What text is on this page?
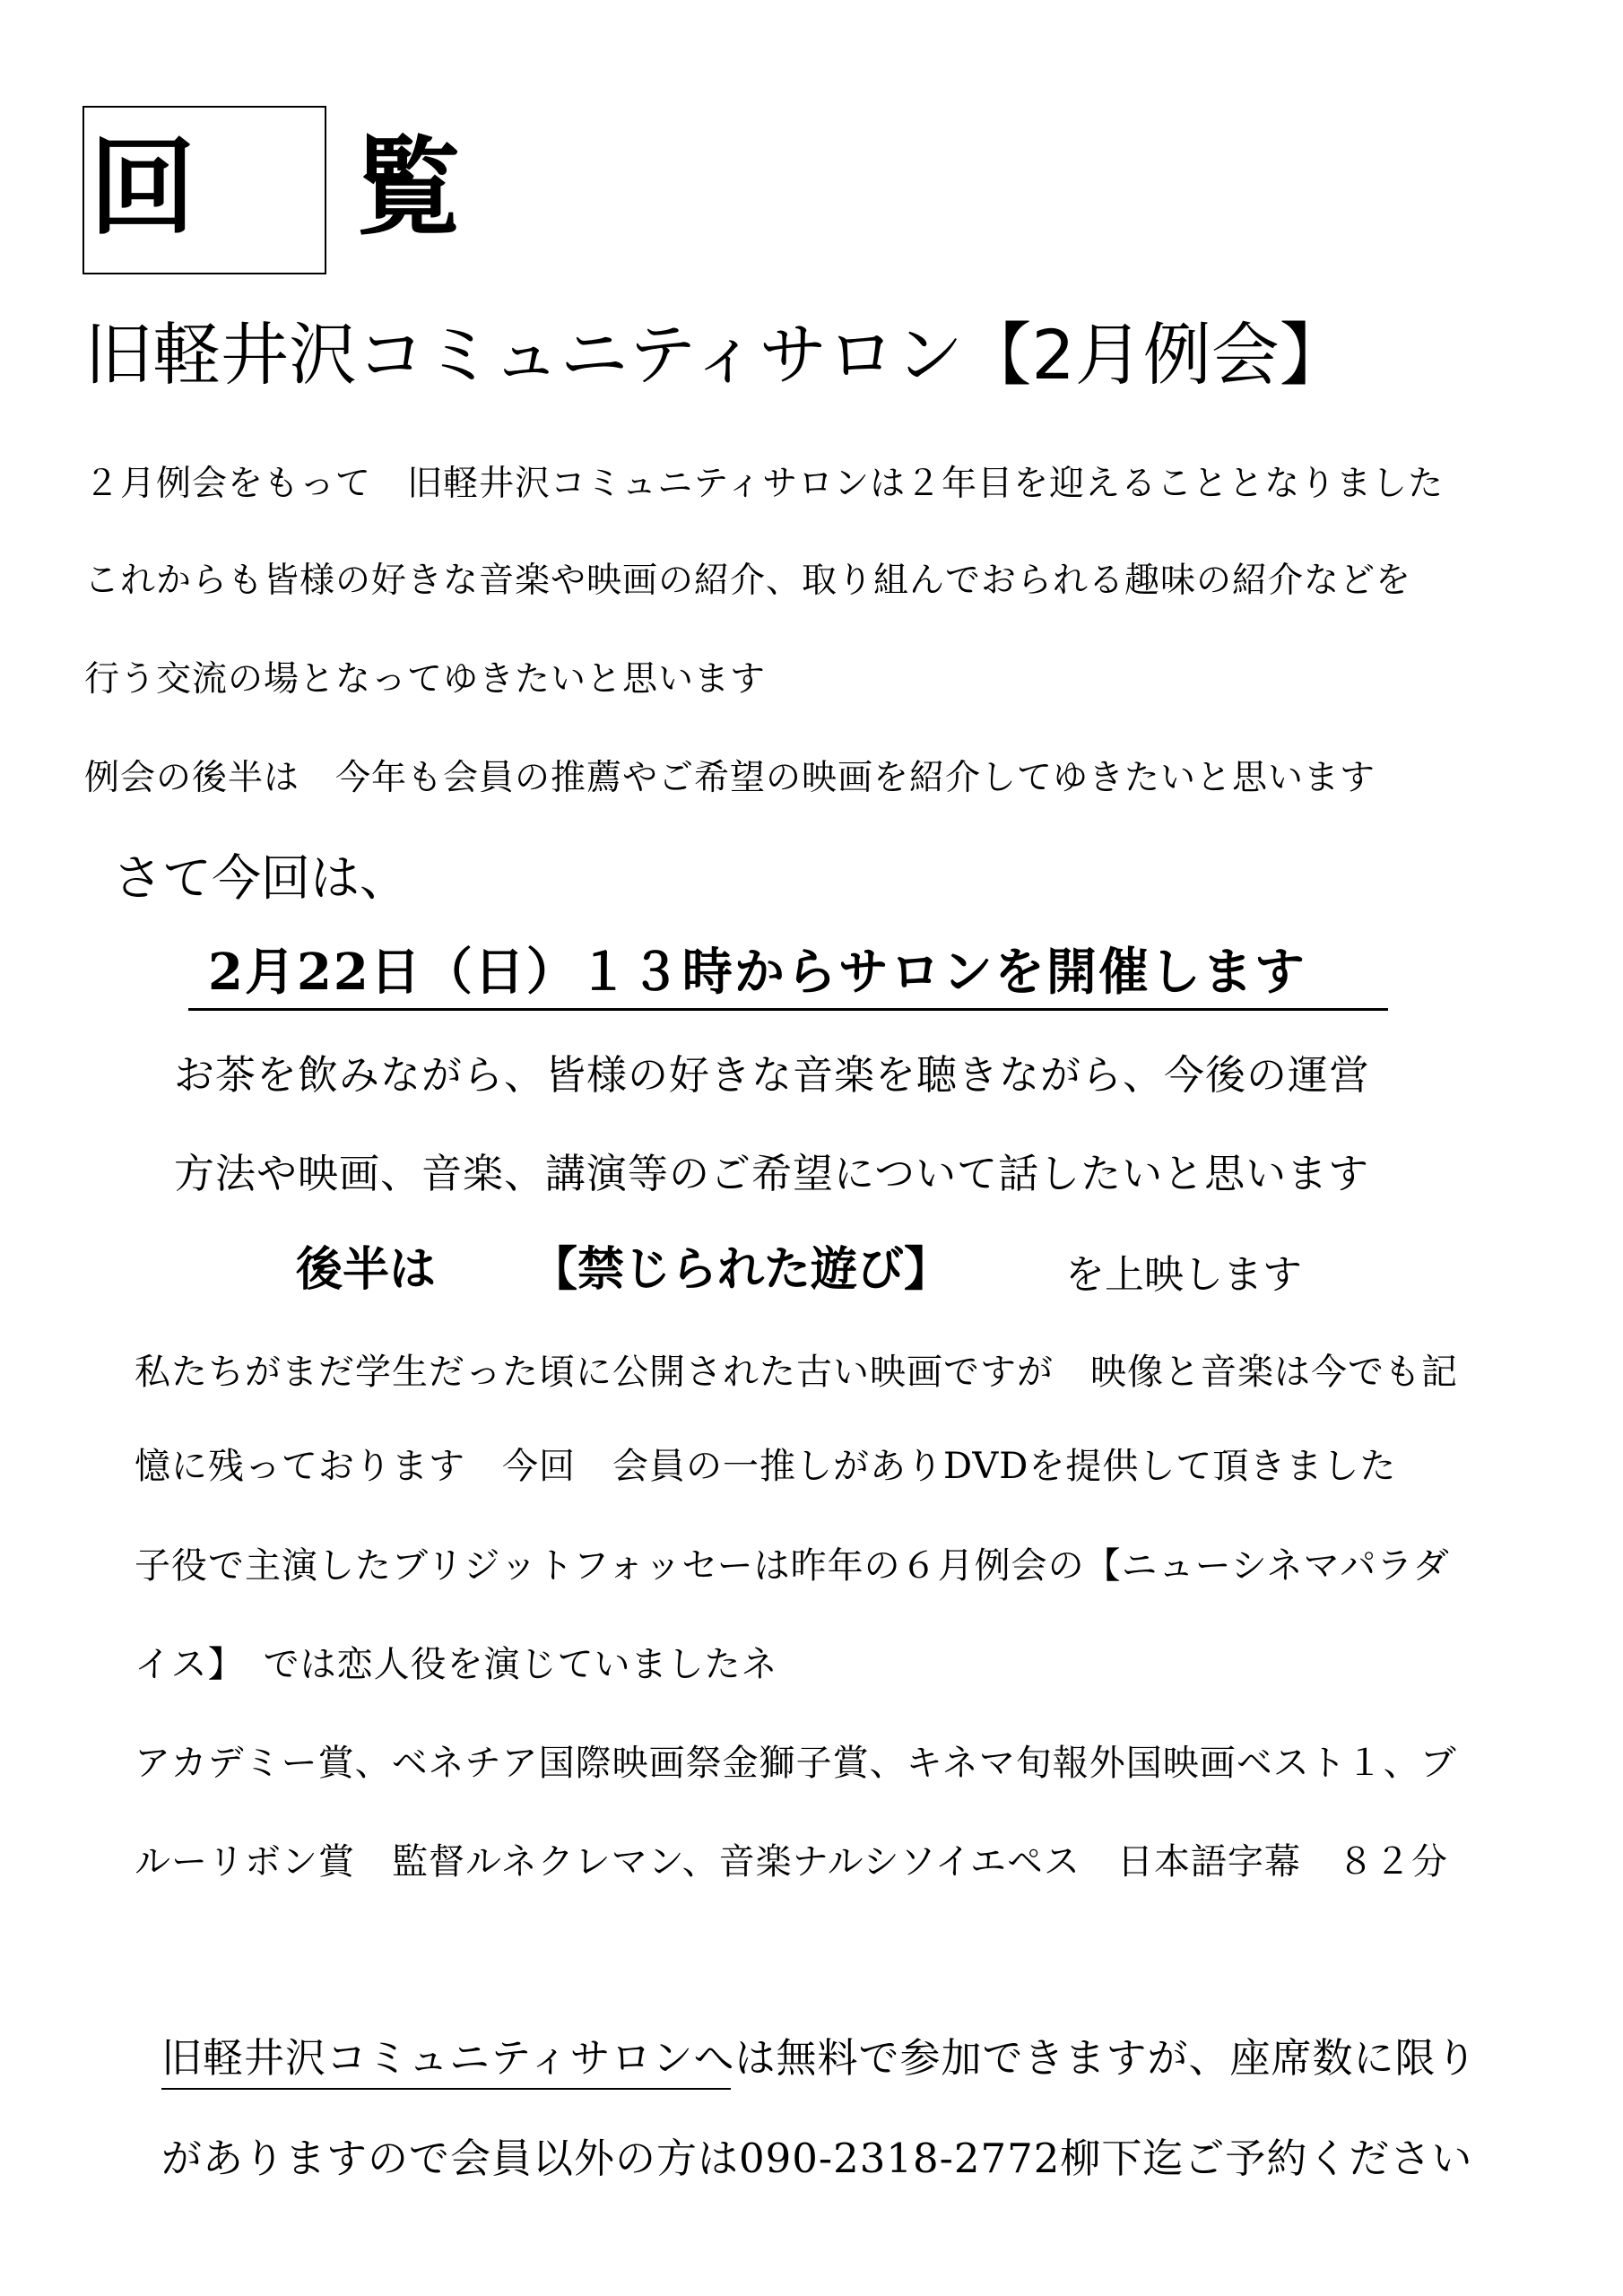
回　覧
旧軽井沢コミュニティサロン【2月例会】
２月例会をもって　旧軽井沢コミュニティサロンは２年目を迎えることとなりました
これからも皆様の好きな音楽や映画の紹介、取り組んでおられる趣味の紹介などを
行う交流の場となってゆきたいと思います
例会の後半は　今年も会員の推薦やご希望の映画を紹介してゆきたいと思います
さて今回は、
2月22日（日）１３時からサロンを開催します
お茶を飲みながら、皆様の好きな音楽を聴きながら、今後の運営
方法や映画、音楽、講演等のご希望について話したいと思います
後半は 【禁じられた遊び】	を上映します
私たちがまだ学生だった頃に公開された古い映画ですが　映像と音楽は今でも記
憶に残っております　今回　会員の一推しがありDVDを提供して頂きました
子役で主演したブリジットフォッセーは昨年の６月例会の【ニューシネマパラダ
イス】　では恋人役を演じていましたネ
アカデミー賞、ベネチア国際映画祭金獅子賞、キネマ旬報外国映画ベスト１、ブ
ルーリボン賞　監督ルネクレマン、音楽ナルシソイエペス　日本語字幕　８２分
旧軽井沢コミュニティサロンへは無料で参加できますが、座席数に限り
がありますので会員以外の方は090-2318-2772柳下迄ご予約ください
